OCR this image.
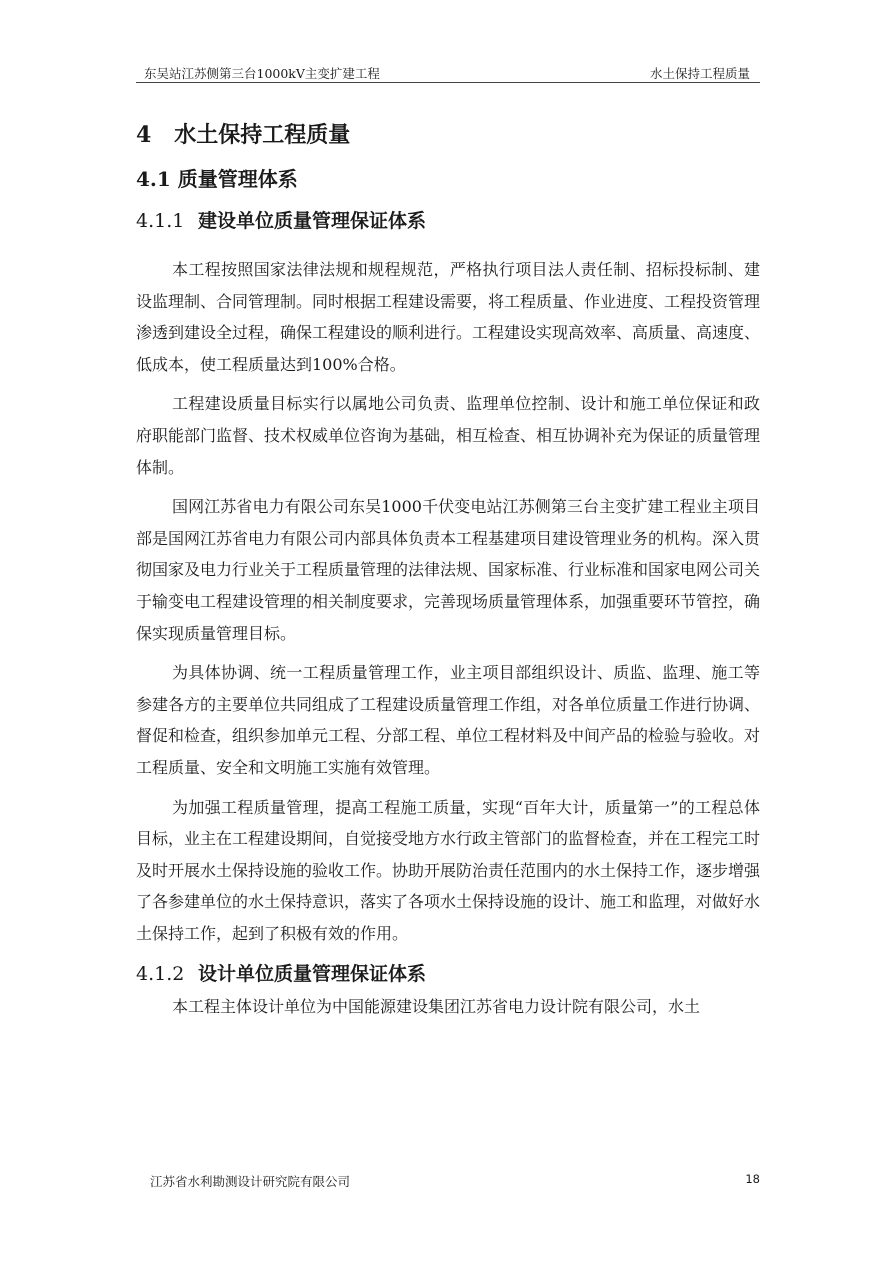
东吴站江苏侧第三台1000kV主变扩建工程	水土保持工程质量
4 水土保持工程质量
4.1 质量管理体系
4.1.1 建设单位质量管理保证体系

本工程按照国家法律法规和规程规范，严格执行项目法人责任制、招标投标制、建设监理制、合同管理制。同时根据工程建设需要，将工程质量、作业进度、工程投资管理渗透到建设全过程，确保工程建设的顺利进行。工程建设实现高效率、高质量、高速度、低成本，使工程质量达到100%合格。

工程建设质量目标实行以属地公司负责、监理单位控制、设计和施工单位保证和政府职能部门监督、技术权威单位咨询为基础，相互检查、相互协调补充为保证的质量管理体制。

国网江苏省电力有限公司东吴1000千伏变电站江苏侧第三台主变扩建工程业主项目部是国网江苏省电力有限公司内部具体负责本工程基建项目建设管理业务的机构。深入贯彻国家及电力行业关于工程质量管理的法律法规、国家标准、行业标准和国家电网公司关于输变电工程建设管理的相关制度要求，完善现场质量管理体系，加强重要环节管控，确保实现质量管理目标。

为具体协调、统一工程质量管理工作，业主项目部组织设计、质监、监理、施工等参建各方的主要单位共同组成了工程建设质量管理工作组，对各单位质量工作进行协调、督促和检查，组织参加单元工程、分部工程、单位工程材料及中间产品的检验与验收。对工程质量、安全和文明施工实施有效管理。

为加强工程质量管理，提高工程施工质量，实现“百年大计，质量第一”的工程总体目标，业主在工程建设期间，自觉接受地方水行政主管部门的监督检查，并在工程完工时及时开展水土保持设施的验收工作。协助开展防治责任范围内的水土保持工作，逐步增强了各参建单位的水土保持意识，落实了各项水土保持设施的设计、施工和监理，对做好水土保持工作，起到了积极有效的作用。

4.1.2 设计单位质量管理保证体系

本工程主体设计单位为中国能源建设集团江苏省电力设计院有限公司，水土

江苏省水利勘测设计研究院有限公司	18
